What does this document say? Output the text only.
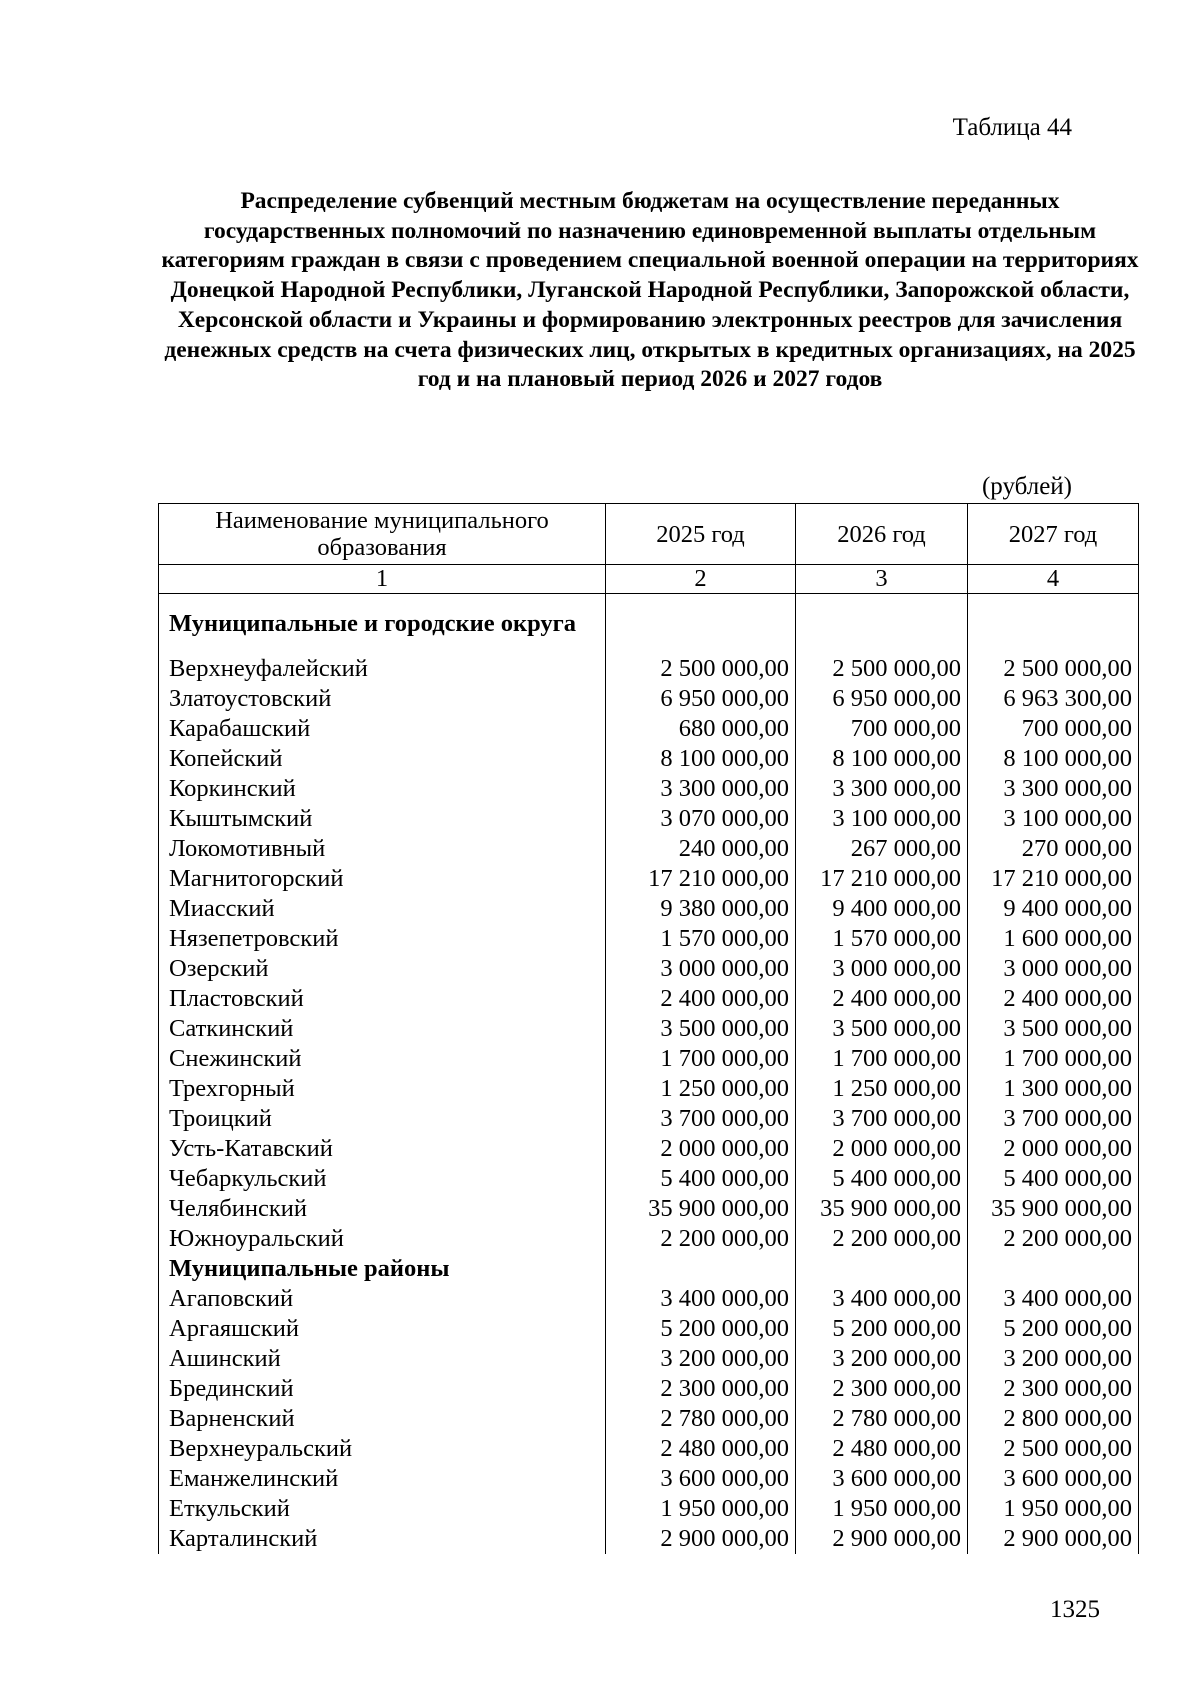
Таблица 44
Распределение субвенций местным бюджетам на осуществление переданных государственных полномочий по назначению единовременной выплаты отдельным категориям граждан в связи с проведением специальной военной операции на территориях Донецкой Народной Республики, Луганской Народной Республики, Запорожской области, Херсонской области и Украины и формированию электронных реестров для зачисления денежных средств на счета физических лиц, открытых в кредитных организациях, на 2025 год и на плановый период 2026 и 2027 годов
(рублей)
Наименование муниципального образования	2025 год	2026 год	2027 год
1	2	3	4
Муниципальные и городские округа			
Верхнеуфалейский	2 500 000,00	2 500 000,00	2 500 000,00
Златоустовский	6 950 000,00	6 950 000,00	6 963 300,00
Карабашский	680 000,00	700 000,00	700 000,00
Копейский	8 100 000,00	8 100 000,00	8 100 000,00
Коркинский	3 300 000,00	3 300 000,00	3 300 000,00
Кыштымский	3 070 000,00	3 100 000,00	3 100 000,00
Локомотивный	240 000,00	267 000,00	270 000,00
Магнитогорский	17 210 000,00	17 210 000,00	17 210 000,00
Миасский	9 380 000,00	9 400 000,00	9 400 000,00
Нязепетровский	1 570 000,00	1 570 000,00	1 600 000,00
Озерский	3 000 000,00	3 000 000,00	3 000 000,00
Пластовский	2 400 000,00	2 400 000,00	2 400 000,00
Саткинский	3 500 000,00	3 500 000,00	3 500 000,00
Снежинский	1 700 000,00	1 700 000,00	1 700 000,00
Трехгорный	1 250 000,00	1 250 000,00	1 300 000,00
Троицкий	3 700 000,00	3 700 000,00	3 700 000,00
Усть-Катавский	2 000 000,00	2 000 000,00	2 000 000,00
Чебаркульский	5 400 000,00	5 400 000,00	5 400 000,00
Челябинский	35 900 000,00	35 900 000,00	35 900 000,00
Южноуральский	2 200 000,00	2 200 000,00	2 200 000,00
Муниципальные районы			
Агаповский	3 400 000,00	3 400 000,00	3 400 000,00
Аргаяшский	5 200 000,00	5 200 000,00	5 200 000,00
Ашинский	3 200 000,00	3 200 000,00	3 200 000,00
Брединский	2 300 000,00	2 300 000,00	2 300 000,00
Варненский	2 780 000,00	2 780 000,00	2 800 000,00
Верхнеуральский	2 480 000,00	2 480 000,00	2 500 000,00
Еманжелинский	3 600 000,00	3 600 000,00	3 600 000,00
Еткульский	1 950 000,00	1 950 000,00	1 950 000,00
Карталинский	2 900 000,00	2 900 000,00	2 900 000,00
1325
